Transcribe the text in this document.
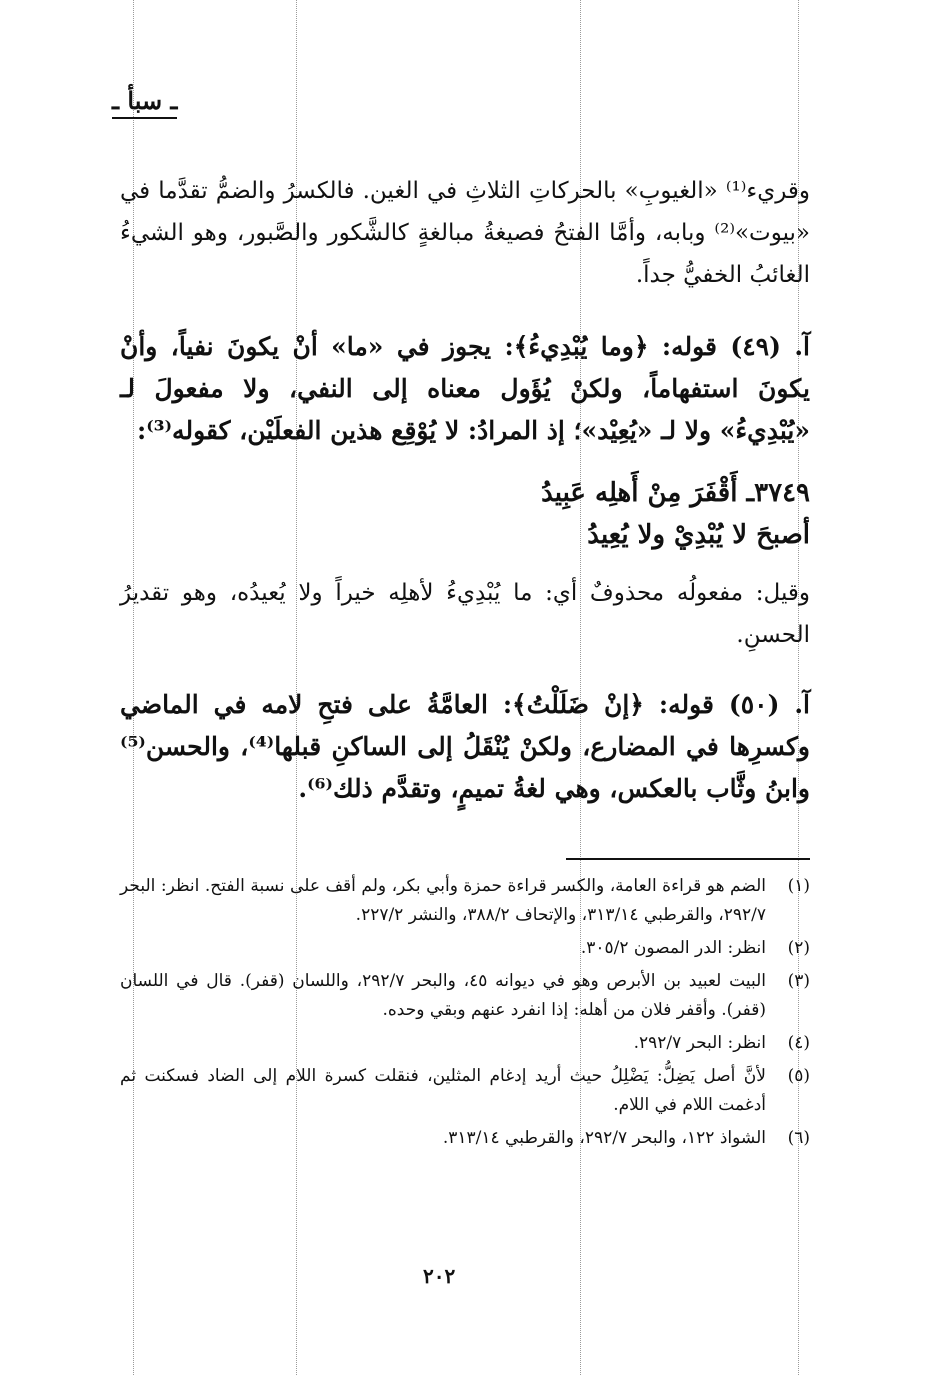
ـ سبأ ـ
وقريء⁽¹⁾ «الغيوبِ» بالحركاتِ الثلاثِ في الغين. فالكسرُ والضمُّ تقدَّما في «بيوت»⁽²⁾ وبابه، وأمَّا الفتحُ فصيغةُ مبالغةٍ كالشَّكور والصَّبور، وهو الشيءُ الغائبُ الخفيُّ جداً.
آ. (٤٩) قوله: ﴿وما يُبْدِيءُ﴾: يجوز في «ما» أنْ يكونَ نفياً، وأنْ يكونَ استفهاماً، ولكنْ يُؤَول معناه إلى النفي، ولا مفعولَ لـ «يُبْدِيءُ» ولا لـ «يُعِيْد»؛ إذ المرادُ: لا يُوْقِع هذين الفعلَيْن، كقوله⁽³⁾:
٣٧٤٩ـ أَقْفَرَ مِنْ أَهلِه عَبِيدُ
أصبحَ لا يُبْدِيْ ولا يُعِيدُ
وقيل: مفعولُه محذوفٌ أي: ما يُبْدِيءُ لأهلِه خيراً ولا يُعيدُه، وهو تقديرُ الحسنِ.
آ. (٥٠) قوله: ﴿إنْ ضَلَلْتُ﴾: العامَّةُ على فتحِ لامه في الماضي وكسرِها في المضارع، ولكنْ يُنْقَلُ إلى الساكنِ قبلها⁽⁴⁾، والحسن⁽⁵⁾ وابنُ وثَّاب بالعكس، وهي لغةُ تميمٍ، وتقدَّم ذلك⁽⁶⁾.
(١)
الضم هو قراءة العامة، والكسر قراءة حمزة وأبي بكر، ولم أقف على نسبة الفتح. انظر: البحر ٢٩٢/٧، والقرطبي ٣١٣/١٤، والإتحاف ٣٨٨/٢، والنشر ٢٢٧/٢.
(٢)
انظر: الدر المصون ٣٠٥/٢.
(٣)
البيت لعبيد بن الأبرص وهو في ديوانه ٤٥، والبحر ٢٩٢/٧، واللسان (قفر). قال في اللسان (قفر). وأقفر فلان من أهله: إذا انفرد عنهم وبقي وحده.
(٤)
انظر: البحر ٢٩٢/٧.
(٥)
لأنَّ أصل يَضِلُّ: يَضْلِلُ حيث أريد إدغام المثلين، فنقلت كسرة اللام إلى الضاد فسكنت ثم أدغمت اللام في اللام.
(٦)
الشواذ ١٢٢، والبحر ٢٩٢/٧، والقرطبي ٣١٣/١٤.
٢٠٢
